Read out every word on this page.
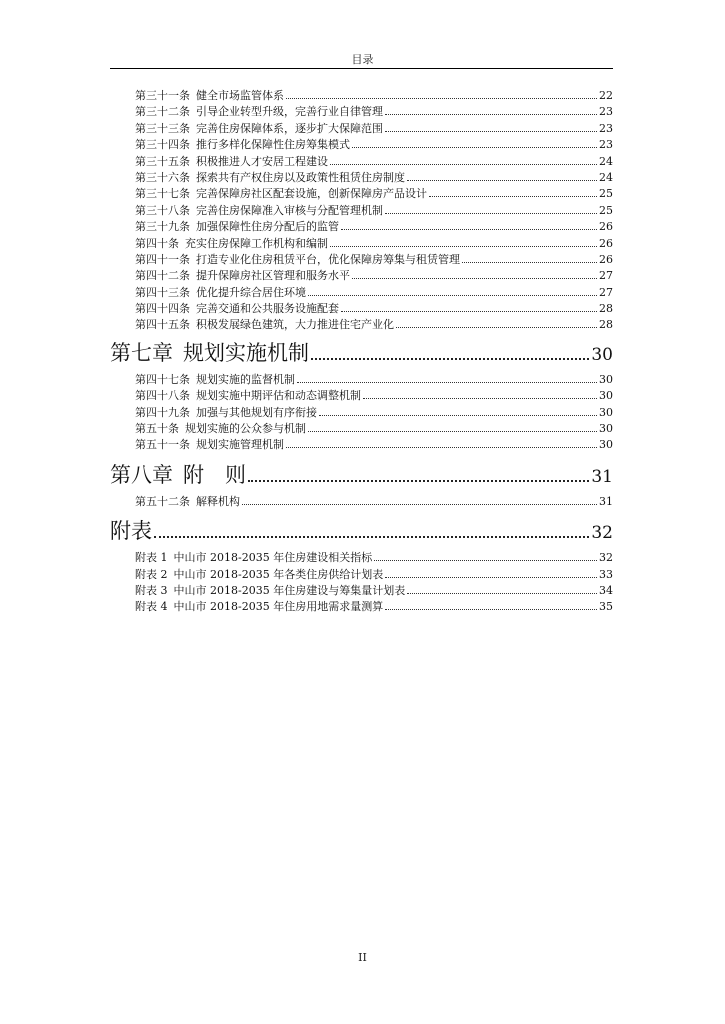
目录
第三十一条 健全市场监管体系	22
第三十二条 引导企业转型升级，完善行业自律管理	23
第三十三条 完善住房保障体系，逐步扩大保障范围	23
第三十四条 推行多样化保障性住房筹集模式	23
第三十五条 积极推进人才安居工程建设	24
第三十六条 探索共有产权住房以及政策性租赁住房制度	24
第三十七条 完善保障房社区配套设施，创新保障房产品设计	25
第三十八条 完善住房保障准入审核与分配管理机制	25
第三十九条 加强保障性住房分配后的监管	26
第四十条 充实住房保障工作机构和编制	26
第四十一条 打造专业化住房租赁平台，优化保障房筹集与租赁管理	26
第四十二条 提升保障房社区管理和服务水平	27
第四十三条 优化提升综合居住环境	27
第四十四条 完善交通和公共服务设施配套	28
第四十五条 积极发展绿色建筑，大力推进住宅产业化	28
第七章 规划实施机制	30
第四十七条 规划实施的监督机制	30
第四十八条 规划实施中期评估和动态调整机制	30
第四十九条 加强与其他规划有序衔接	30
第五十条 规划实施的公众参与机制	30
第五十一条 规划实施管理机制	30
第八章 附　则	31
第五十二条 解释机构	31
附表	32
附表 1 中山市 2018-2035 年住房建设相关指标	32
附表 2 中山市 2018-2035 年各类住房供给计划表	33
附表 3 中山市 2018-2035 年住房建设与筹集量计划表	34
附表 4 中山市 2018-2035 年住房用地需求量测算	35
II
